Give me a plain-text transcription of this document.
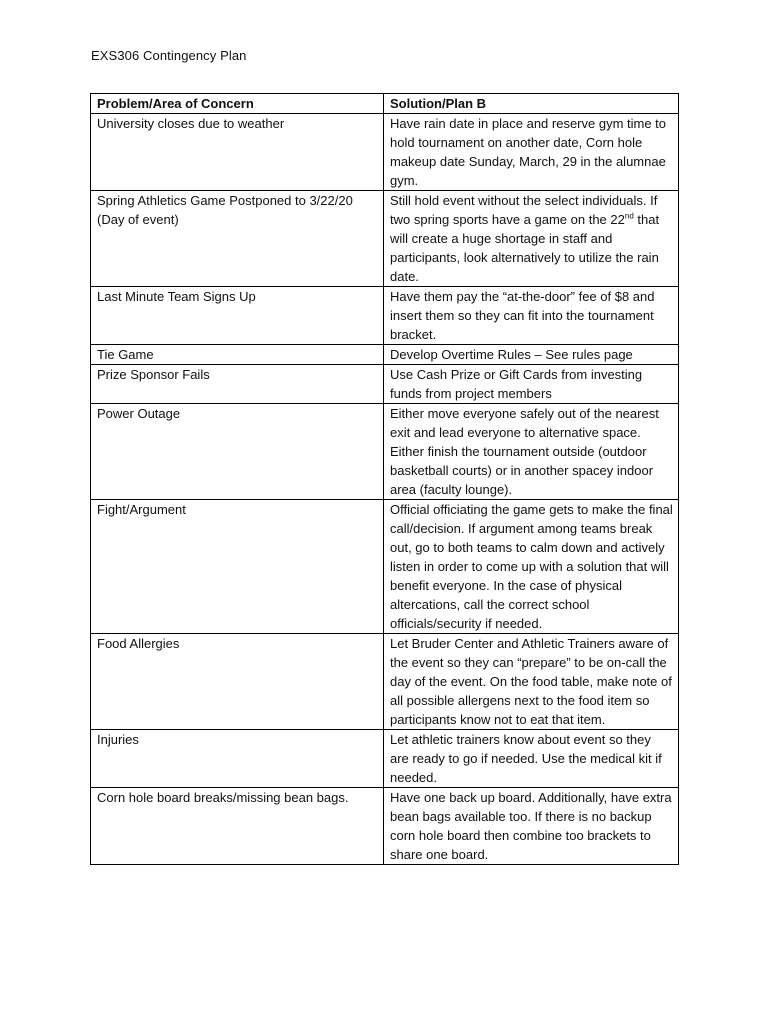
EXS306 Contingency Plan
Problem/Area of Concern	Solution/Plan B
University closes due to weather	Have rain date in place and reserve gym time to hold tournament on another date, Corn hole makeup date Sunday, March, 29 in the alumnae gym.
Spring Athletics Game Postponed to 3/22/20 (Day of event)	Still hold event without the select individuals. If two spring sports have a game on the 22nd that will create a huge shortage in staff and participants, look alternatively to utilize the rain date.
Last Minute Team Signs Up	Have them pay the “at-the-door” fee of $8 and insert them so they can fit into the tournament bracket.
Tie Game	Develop Overtime Rules – See rules page
Prize Sponsor Fails	Use Cash Prize or Gift Cards from investing funds from project members
Power Outage	Either move everyone safely out of the nearest exit and lead everyone to alternative space. Either finish the tournament outside (outdoor basketball courts) or in another spacey indoor area (faculty lounge).
Fight/Argument	Official officiating the game gets to make the final call/decision. If argument among teams break out, go to both teams to calm down and actively listen in order to come up with a solution that will benefit everyone. In the case of physical altercations, call the correct school officials/security if needed.
Food Allergies	Let Bruder Center and Athletic Trainers aware of the event so they can “prepare” to be on-call the day of the event. On the food table, make note of all possible allergens next to the food item so participants know not to eat that item.
Injuries	Let athletic trainers know about event so they are ready to go if needed. Use the medical kit if needed.
Corn hole board breaks/missing bean bags.	Have one back up board. Additionally, have extra bean bags available too. If there is no backup corn hole board then combine too brackets to share one board.
